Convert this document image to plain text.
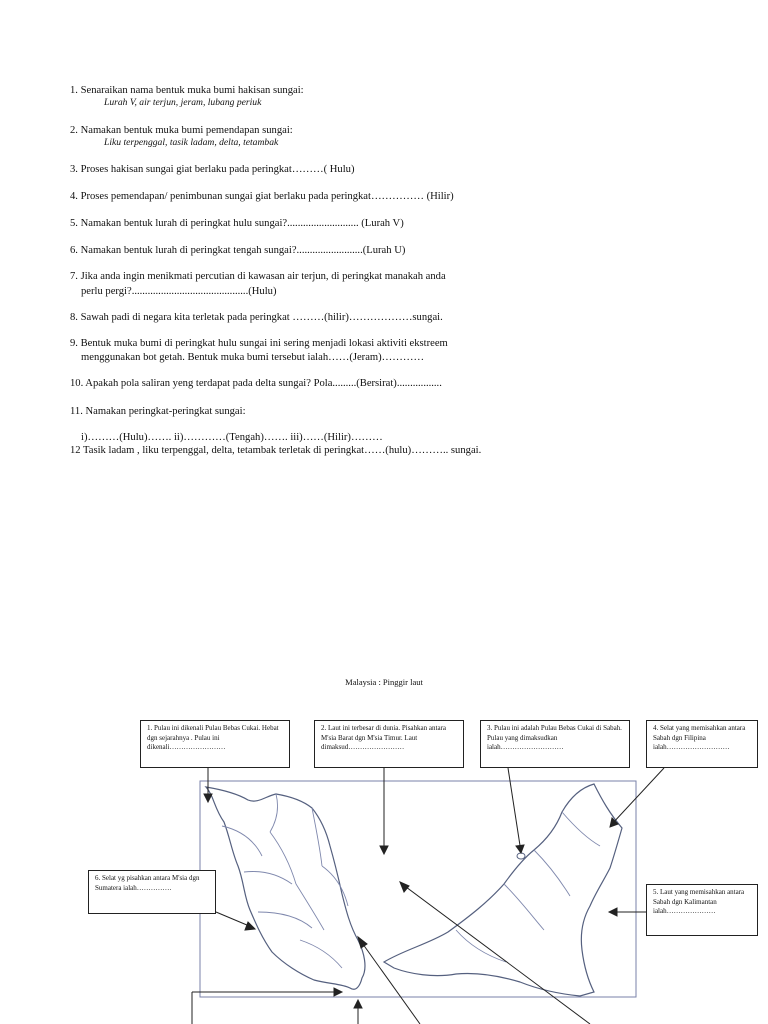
1. Senaraikan nama bentuk muka bumi hakisan sungai:
Lurah V, air terjun, jeram, lubang periuk
2. Namakan bentuk muka bumi pemendapan sungai:
Liku terpenggal, tasik ladam, delta, tetambak
3. Proses hakisan sungai giat berlaku pada peringkat………( Hulu)
4. Proses pemendapan/ penimbunan sungai giat berlaku pada peringkat…………… (Hilir)
5. Namakan bentuk lurah di peringkat hulu sungai?........................... (Lurah V)
6. Namakan bentuk lurah di peringkat tengah sungai?.........................(Lurah U)
7. Jika anda ingin menikmati percutian di kawasan air terjun, di peringkat manakah anda
perlu pergi?............................................(Hulu)
8. Sawah padi di negara kita terletak pada peringkat ………(hilir)………………sungai.
9. Bentuk muka bumi di peringkat hulu sungai ini sering menjadi lokasi aktiviti ekstreem
menggunakan bot getah. Bentuk muka bumi tersebut ialah……(Jeram)…………
10. Apakah pola saliran yeng terdapat pada delta sungai? Pola.........(Bersirat).................
11. Namakan peringkat-peringkat sungai:
i)………(Hulu)……. ii)…………(Tengah)……. iii)……(Hilir)………
12 Tasik ladam , liku terpenggal, delta, tetambak terletak di peringkat……(hulu)……….. sungai.
Malaysia : Pinggir laut
1. Pulau ini dikenali Pulau Bebas Cukai. Hebat dgn sejarahnya . Pulau ini dikenali……………………
2. Laut ini terbesar di dunia. Pisahkan antara M'sia Barat dgn M'sia Timur. Laut dimaksud……………………
3. Pulau ini adalah Pulau Bebas Cukai di Sabah. Pulau yang dimaksudkan ialah………………………
4. Selat yang memisahkan antara Sabah dgn Filipina ialah………………………
5. Laut yang memisahkan antara Sabah dgn Kalimantan ialah…………………
6. Selat yg pisahkan antara M'sia dgn Sumatera ialah……………
